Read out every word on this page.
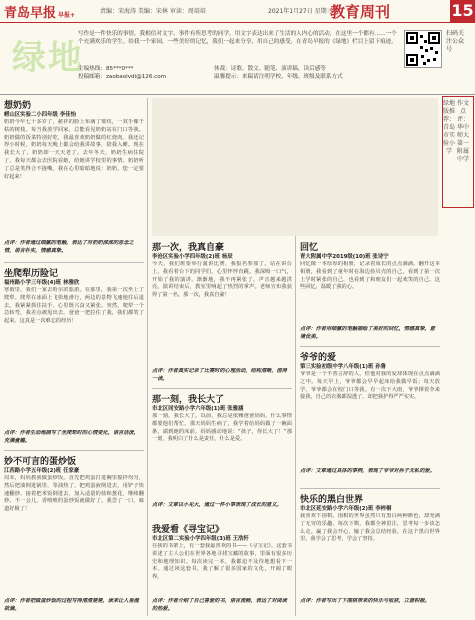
青岛早报 早报+
责编：宋海涛 美编：宋林 审读：周培培	2021年1月27日 星期三
教育周刊	15
绿地
写作是一件快乐的事情，我相信对文字、事件有所思考的同学，用文字表达出来了生活的人内心的活动，在这里一个都有……一个个充满欢乐的学生。给我一个家园，一些美好的记忆，我们一起来分享，用自己的感受，在青岛早报的《绿地》栏目上留下痕迹。
扫码关注公众号
主编热线：85***0***
投稿邮箱：zaobaolvdi@126.com
体裁：诗歌、散文、随笔、演讲稿、读后感等
温馨提示：来稿请注明学校、年级、班级及联系方式
作文点评：华中师大第一附属中学
绿地版推荐：青岛市实验小学
想奶奶
崂山区实验二小四年级 李佳怡
奶奶今年七十多岁了，慈祥的脸上布满了皱纹，一双手像干枯的树枝。每当我放学回家，总能看见奶奶站在门口等我。奶奶做的饭菜特别好吃，我最喜欢奶奶做的红烧肉。我还记得小时候，奶奶每天晚上都会给我讲故事，陪我入睡。现在我长大了，奶奶却一天天老了。去年冬天，奶奶生病住院了，我每天都会去医院看她，给她讲学校里的事情。奶奶听了总是笑得合不拢嘴。我在心里暗暗地说：奶奶，您一定要好起来！
点评：作者通过细腻的笔触，表达了对奶奶深深的思念之情，语言朴实，情感真挚。
坐爬犁历险记
福州路小学三年级(4)班 林雅欣
寒假里，我们一家去哈尔滨旅游。在那里，我第一次坐上了爬犁。爬犁在冰面上飞快地滑行，两边的景物飞速地往后退去。我紧紧抓住扶手，心里既兴奋又紧张。突然，爬犁一个急转弯，我差点被甩出去。爸爸一把拉住了我，我们都笑了起来。这真是一次难忘的经历！
点评：作者生动地描写了坐爬犁时的心情变化，语言活泼，充满童趣。
妙不可言的蛋炒饭
江西路小学五年级(2)班 任家豪
周末，妈妈教我做蛋炒饭。首先把鸡蛋打进碗里搅拌均匀，然后把油倒进锅里，等油热了，把鸡蛋液倒进去，用铲子快速翻炒。接着把米饭倒进去，加入适量的盐和葱花，继续翻炒。不一会儿，香喷喷的蛋炒饭就做好了。我尝了一口，味道好极了！
点评：作者把做蛋炒饭的过程写得清清楚楚，读来让人垂涎欲滴。
那一次，我真自豪
李沧区实验小学四年级(2)班 杨辰
今天，我们班要举行演讲比赛，我报名参加了。站在讲台上，我看着台下的同学们，心里怦怦直跳。我深吸一口气，开始了我的演讲。渐渐地，我不再紧张了，声音越来越洪亮。演讲结束后，教室里响起了热烈的掌声。老师宣布我获得了第一名，那一次，我真自豪！
点评：作者真实记录了比赛时的心理活动，结构清晰，值得一读。
那一刻，我长大了
市北区同安路小学六年级(1)班 张雅涵
那一刻，我长大了。以前，我总是依赖爸爸妈妈，什么事情都要他们帮忙。那天妈妈生病了，我学着给妈妈做了一碗面条，端到她的床前。妈妈感动地说：“孩子，你长大了！”那一刻，我明白了什么是责任，什么是爱。
点评：文章以小见大，通过一件小事表现了成长的意义。
我爱看《寻宝记》
市北区第二实验小学四年级(3)班 王浩轩
在我的书架上，有一套我最喜欢的书——《寻宝记》。这套书讲述了主人公们在世界各地寻找宝藏的故事，里面有很多历史和地理知识。每次读完一本，我都迫不及待地想看下一本。通过读这套书，我了解了很多国家的文化，开阔了眼界。
点评：作者介绍了自己喜爱的书，语言流畅，表达了对阅读的热爱。
回忆
青大附属中学2019级(10)班 张诗宁
回忆像一本厚厚的相册，记录着成长的点点滴滴。翻开这本相册，我看到了童年时在海边捡贝壳的自己，看到了第一次上学时紧张的自己，也看到了和朋友们一起欢笑的自己。这些回忆，温暖了我的心。
点评：作者用细腻的笔触描绘了美好的回忆，情感真挚，意境优美。
爷爷的爱
第三实验初级中学八年级(1)班 孙鲁
爷爷是一个不善言辞的人，但他对我的爱却体现在点点滴滴之中。每天早上，爷爷都会早早起床给我做早饭；每天放学，爷爷都会在校门口等我。有一次下大雨，爷爷撑着伞来接我，自己的衣服都湿透了，却把我护得严严实实。
点评：文章通过具体的事例，表现了爷爷对孙子无私的爱。
快乐的黑白世界
市北区延安路小学六年级(2)班 李梓桐
我喜欢下围棋。围棋的世界虽然只有黑白两种颜色，却充满了无穷的乐趣。每次下棋，我都全神贯注，思考每一步该怎么走。赢了我会开心，输了我会总结经验。在这个黑白世界里，我学会了思考，学会了坚持。
点评：作者写出了下围棋带来的快乐与收获，立意积极。
